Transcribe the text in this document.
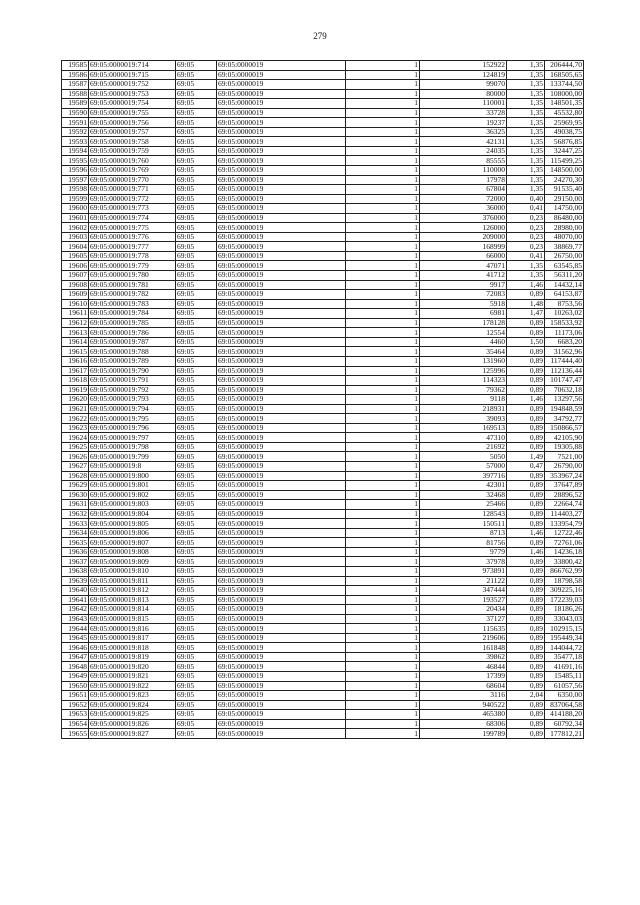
279
19585	69:05:0000019:714	69:05	69:05:0000019	1	152922	1,35	206444,70
19586	69:05:0000019:715	69:05	69:05:0000019	1	124819	1,35	168505,65
19587	69:05:0000019:752	69:05	69:05:0000019	1	99070	1,35	133744,50
19588	69:05:0000019:753	69:05	69:05:0000019	1	80000	1,35	108000,00
19589	69:05:0000019:754	69:05	69:05:0000019	1	110001	1,35	148501,35
19590	69:05:0000019:755	69:05	69:05:0000019	1	33728	1,35	45532,80
19591	69:05:0000019:756	69:05	69:05:0000019	1	19237	1,35	25969,95
19592	69:05:0000019:757	69:05	69:05:0000019	1	36325	1,35	49038,75
19593	69:05:0000019:758	69:05	69:05:0000019	1	42131	1,35	56876,85
19594	69:05:0000019:759	69:05	69:05:0000019	1	24035	1,35	32447,25
19595	69:05:0000019:760	69:05	69:05:0000019	1	85555	1,35	115499,25
19596	69:05:0000019:769	69:05	69:05:0000019	1	110000	1,35	148500,00
19597	69:05:0000019:770	69:05	69:05:0000019	1	17978	1,35	24270,30
19598	69:05:0000019:771	69:05	69:05:0000019	1	67804	1,35	91535,40
19599	69:05:0000019:772	69:05	69:05:0000019	1	72000	0,40	29150,00
19600	69:05:0000019:773	69:05	69:05:0000019	1	36000	0,41	14750,00
19601	69:05:0000019:774	69:05	69:05:0000019	1	376000	0,23	86480,00
19602	69:05:0000019:775	69:05	69:05:0000019	1	126000	0,23	28980,00
19603	69:05:0000019:776	69:05	69:05:0000019	1	209000	0,23	48070,00
19604	69:05:0000019:777	69:05	69:05:0000019	1	168999	0,23	38869,77
19605	69:05:0000019:778	69:05	69:05:0000019	1	66000	0,41	26750,00
19606	69:05:0000019:779	69:05	69:05:0000019	1	47071	1,35	63545,85
19607	69:05:0000019:780	69:05	69:05:0000019	1	41712	1,35	56311,20
19608	69:05:0000019:781	69:05	69:05:0000019	1	9917	1,46	14432,14
19609	69:05:0000019:782	69:05	69:05:0000019	1	72083	0,89	64153,87
19610	69:05:0000019:783	69:05	69:05:0000019	1	5918	1,48	8753,56
19611	69:05:0000019:784	69:05	69:05:0000019	1	6981	1,47	10263,02
19612	69:05:0000019:785	69:05	69:05:0000019	1	178128	0,89	158533,92
19613	69:05:0000019:786	69:05	69:05:0000019	1	12554	0,89	11173,06
19614	69:05:0000019:787	69:05	69:05:0000019	1	4460	1,50	6683,20
19615	69:05:0000019:788	69:05	69:05:0000019	1	35464	0,89	31562,96
19616	69:05:0000019:789	69:05	69:05:0000019	1	131960	0,89	117444,40
19617	69:05:0000019:790	69:05	69:05:0000019	1	125996	0,89	112136,44
19618	69:05:0000019:791	69:05	69:05:0000019	1	114323	0,89	101747,47
19619	69:05:0000019:792	69:05	69:05:0000019	1	79362	0,89	70632,18
19620	69:05:0000019:793	69:05	69:05:0000019	1	9118	1,46	13297,56
19621	69:05:0000019:794	69:05	69:05:0000019	1	218931	0,89	194848,59
19622	69:05:0000019:795	69:05	69:05:0000019	1	39093	0,89	34792,77
19623	69:05:0000019:796	69:05	69:05:0000019	1	169513	0,89	150866,57
19624	69:05:0000019:797	69:05	69:05:0000019	1	47310	0,89	42105,90
19625	69:05:0000019:798	69:05	69:05:0000019	1	21692	0,89	19305,88
19626	69:05:0000019:799	69:05	69:05:0000019	1	5050	1,49	7521,00
19627	69:05:0000019:8	69:05	69:05:0000019	1	57000	0,47	26790,00
19628	69:05:0000019:800	69:05	69:05:0000019	1	397716	0,89	353967,24
19629	69:05:0000019:801	69:05	69:05:0000019	1	42301	0,89	37647,89
19630	69:05:0000019:802	69:05	69:05:0000019	1	32468	0,89	28896,52
19631	69:05:0000019:803	69:05	69:05:0000019	1	25466	0,89	22664,74
19632	69:05:0000019:804	69:05	69:05:0000019	1	128543	0,89	114403,27
19633	69:05:0000019:805	69:05	69:05:0000019	1	150511	0,89	133954,79
19634	69:05:0000019:806	69:05	69:05:0000019	1	8713	1,46	12722,46
19635	69:05:0000019:807	69:05	69:05:0000019	1	81756	0,89	72761,06
19636	69:05:0000019:808	69:05	69:05:0000019	1	9779	1,46	14236,18
19637	69:05:0000019:809	69:05	69:05:0000019	1	37978	0,89	33800,42
19638	69:05:0000019:810	69:05	69:05:0000019	1	973891	0,89	866762,99
19639	69:05:0000019:811	69:05	69:05:0000019	1	21122	0,89	18798,58
19640	69:05:0000019:812	69:05	69:05:0000019	1	347444	0,89	309225,16
19641	69:05:0000019:813	69:05	69:05:0000019	1	193527	0,89	172239,03
19642	69:05:0000019:814	69:05	69:05:0000019	1	20434	0,89	18186,26
19643	69:05:0000019:815	69:05	69:05:0000019	1	37127	0,89	33043,03
19644	69:05:0000019:816	69:05	69:05:0000019	1	115635	0,89	102915,15
19645	69:05:0000019:817	69:05	69:05:0000019	1	219606	0,89	195449,34
19646	69:05:0000019:818	69:05	69:05:0000019	1	161848	0,89	144044,72
19647	69:05:0000019:819	69:05	69:05:0000019	1	39862	0,89	35477,18
19648	69:05:0000019:820	69:05	69:05:0000019	1	46844	0,89	41691,16
19649	69:05:0000019:821	69:05	69:05:0000019	1	17399	0,89	15485,11
19650	69:05:0000019:822	69:05	69:05:0000019	1	68604	0,89	61057,56
19651	69:05:0000019:823	69:05	69:05:0000019	1	3116	2,04	6350,00
19652	69:05:0000019:824	69:05	69:05:0000019	1	940522	0,89	837064,58
19653	69:05:0000019:825	69:05	69:05:0000019	1	465380	0,89	414188,20
19654	69:05:0000019:826	69:05	69:05:0000019	1	68306	0,89	60792,34
19655	69:05:0000019:827	69:05	69:05:0000019	1	199789	0,89	177812,21
